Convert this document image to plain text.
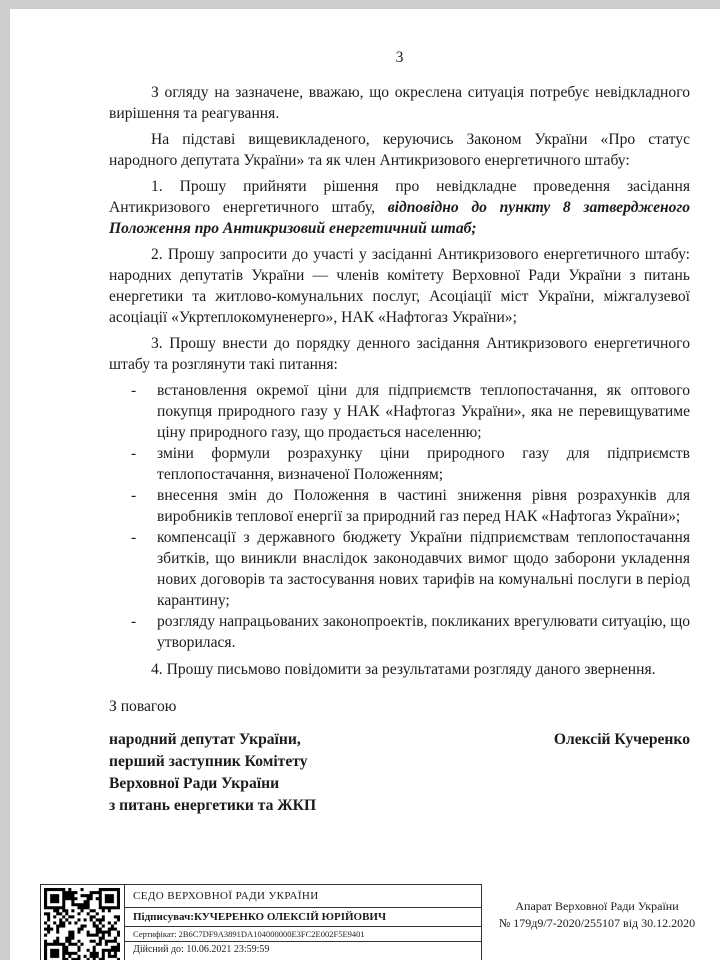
3

З огляду на зазначене, вважаю, що окреслена ситуація потребує невідкладного вирішення та реагування.

На підставі вищевикладеного, керуючись Законом України «Про статус народного депутата України» та як член Антикризового енергетичного штабу:

1. Прошу прийняти рішення про невідкладне проведення засідання Антикризового енергетичного штабу, відповідно до пункту 8 затвердженого Положення про Антикризовий енергетичний штаб;

2. Прошу запросити до участі у засіданні Антикризового енергетичного штабу: народних депутатів України — членів комітету Верховної Ради України з питань енергетики та житлово-комунальних послуг, Асоціації міст України, міжгалузевої асоціації «Укртеплокомуненерго», НАК «Нафтогаз України»;

3. Прошу внести до порядку денного засідання Антикризового енергетичного штабу та розглянути такі питання:

-	встановлення окремої ціни для підприємств теплопостачання, як оптового покупця природного газу у НАК «Нафтогаз України», яка не перевищуватиме ціну природного газу, що продається населенню;
-	зміни формули розрахунку ціни природного газу для підприємств теплопостачання, визначеної Положенням;
-	внесення змін до Положення в частині зниження рівня розрахунків для виробників теплової енергії за природний газ перед НАК «Нафтогаз України»;
-	компенсації з державного бюджету України підприємствам теплопостачання збитків, що виникли внаслідок законодавчих вимог щодо заборони укладення нових договорів та застосування нових тарифів на комунальні послуги в період карантину;
-	розгляду напрацьованих законопроектів, покликаних врегулювати ситуацію, що утворилася.

4. Прошу письмово повідомити за результатами розгляду даного звернення.

З повагою

народний депутат України,
перший заступник Комітету
Верховної Ради України
з питань енергетики та ЖКП
Олексій Кучеренко
СЕДО ВЕРХОВНОЇ РАДИ УКРАЇНИ
Підписувач:КУЧЕРЕНКО ОЛЕКСІЙ ЮРІЙОВИЧ
Сертифікат: 2B6C7DF9A3891DA104000000E3FC2E002F5E9401
Дійсний до: 10.06.2021 23:59:59
Апарат Верховної Ради України
№ 179д9/7-2020/255107 від 30.12.2020
